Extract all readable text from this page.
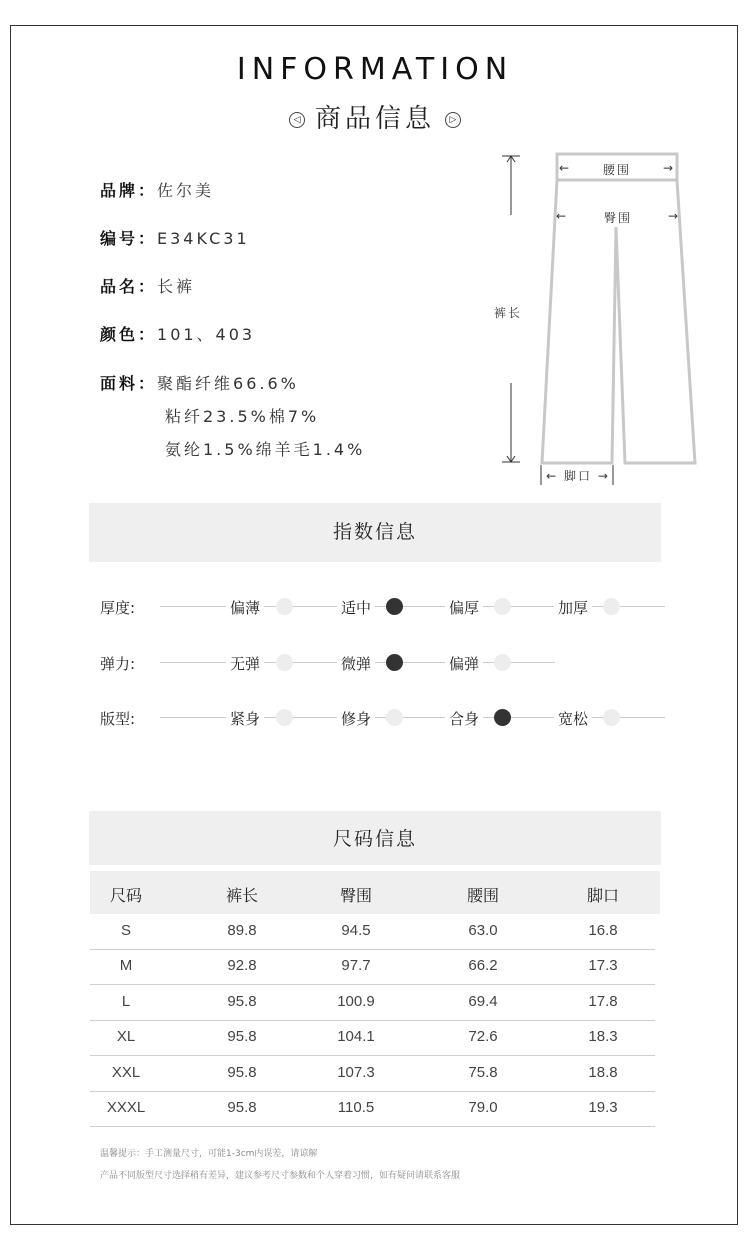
INFORMATION
◁ 商品信息 ▷
品牌：佐尔美
编号：E34KC31
品名：长裤
颜色：101、403
面料：聚酯纤维66.6%
粘纤23.5%棉7%
氨纶1.5%绵羊毛1.4%
←	腰围	→
←	臀围	→
裤长
← 脚口 →
指数信息
厚度:	偏薄	适中	偏厚	加厚
弹力:	无弹	微弹	偏弹
版型:	紧身	修身	合身	宽松
尺码信息
尺码	裤长	臀围	腰围	脚口
S	89.8	94.5	63.0	16.8
M	92.8	97.7	66.2	17.3
L	95.8	100.9	69.4	17.8
XL	95.8	104.1	72.6	18.3
XXL	95.8	107.3	75.8	18.8
XXXL	95.8	110.5	79.0	19.3
温馨提示：手工测量尺寸，可能1-3cm内误差，请谅解
产品不同版型尺寸选择稍有差异，建议参考尺寸参数和个人穿着习惯，如有疑问请联系客服
